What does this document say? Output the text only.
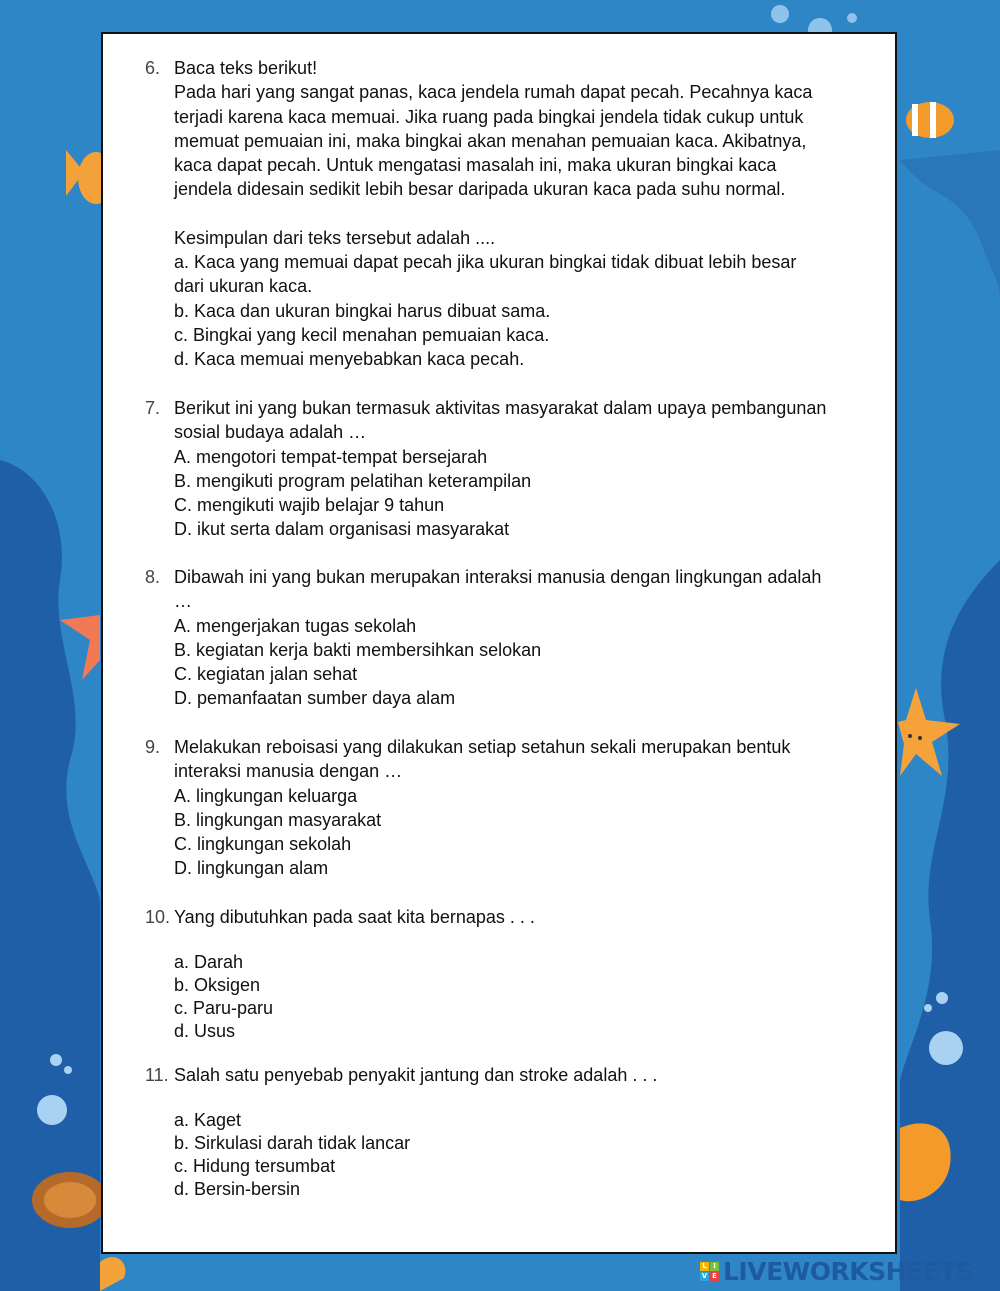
6. Baca teks berikut!
Pada hari yang sangat panas, kaca jendela rumah dapat pecah. Pecahnya kaca
terjadi karena kaca memuai. Jika ruang pada bingkai jendela tidak cukup untuk
memuat pemuaian ini, maka bingkai akan menahan pemuaian kaca. Akibatnya,
kaca dapat pecah. Untuk mengatasi masalah ini, maka ukuran bingkai kaca
jendela didesain sedikit lebih besar daripada ukuran kaca pada suhu normal.
Kesimpulan dari teks tersebut adalah ....
a. Kaca yang memuai dapat pecah jika ukuran bingkai tidak dibuat lebih besar
dari ukuran kaca.
b. Kaca dan ukuran bingkai harus dibuat sama.
c. Bingkai yang kecil menahan pemuaian kaca.
d. Kaca memuai menyebabkan kaca pecah.
7. Berikut ini yang bukan termasuk aktivitas masyarakat dalam upaya pembangunan
sosial budaya adalah …
A. mengotori tempat-tempat bersejarah
B. mengikuti program pelatihan keterampilan
C. mengikuti wajib belajar 9 tahun
D. ikut serta dalam organisasi masyarakat
8. Dibawah ini yang bukan merupakan interaksi manusia dengan lingkungan adalah
…
A. mengerjakan tugas sekolah
B. kegiatan kerja bakti membersihkan selokan
C. kegiatan jalan sehat
D. pemanfaatan sumber daya alam
9. Melakukan reboisasi yang dilakukan setiap setahun sekali merupakan bentuk
interaksi manusia dengan …
A. lingkungan keluarga
B. lingkungan masyarakat
C. lingkungan sekolah
D. lingkungan alam
10. Yang dibutuhkan pada saat kita bernapas . . .
a. Darah
b. Oksigen
c. Paru-paru
d. Usus
11. Salah satu penyebab penyakit jantung dan stroke adalah . . .
a. Kaget
b. Sirkulasi darah tidak lancar
c. Hidung tersumbat
d. Bersin-bersin
L I
V E LIVEWORKSHEETS
